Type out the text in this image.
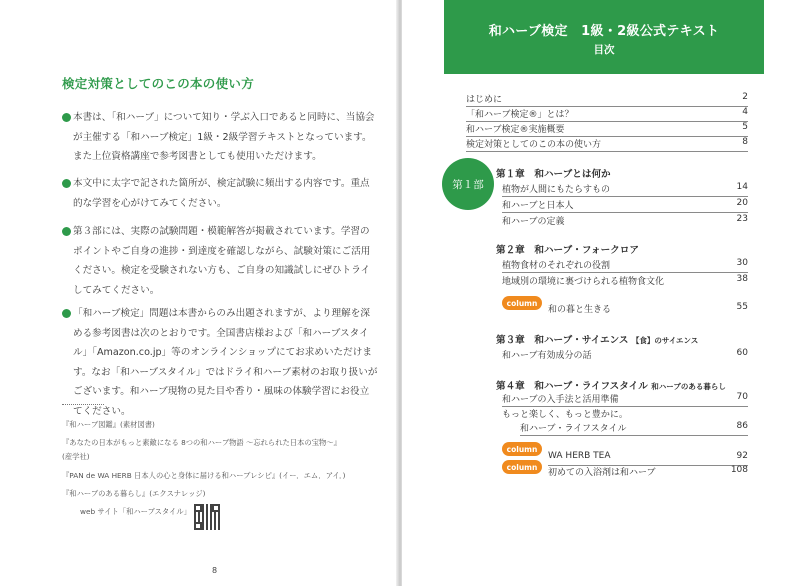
検定対策としてのこの本の使い方
本書は、「和ハーブ」について知り・学ぶ入口であると同時に、当協会が主催する「和ハーブ検定」1級・2級学習テキストとなっています。また上位資格講座で参考図書としても使用いただけます。
本文中に太字で記された箇所が、検定試験に頻出する内容です。重点的な学習を心がけてみてください。
第３部には、実際の試験問題・模範解答が掲載されています。学習のポイントやご自身の進捗・到達度を確認しながら、試験対策にご活用ください。検定を受験されない方も、ご自身の知識試しにぜひトライしてみてください。
「和ハーブ検定」問題は本書からのみ出題されますが、より理解を深める参考図書は次のとおりです。全国書店様および「和ハーブスタイル」「Amazon.co.jp」等のオンラインショップにてお求めいただけます。なお「和ハーブスタイル」ではドライ和ハーブ素材のお取り扱いがございます。和ハーブ現物の見た目や香り・風味の体験学習にお役立てください。
『和ハーブ図鑑』(素材図書)
『あなたの日本がもっと素敵になる 8つの和ハーブ物語 ～忘れられた日本の宝物～』
(産学社)
『PAN de WA HERB 日本人の心と身体に届ける和ハーブレシピ』(イー．エム．アイ．)
『和ハーブのある暮らし』(エクスナレッジ)
web サイト「和ハーブスタイル」
8
和ハーブ検定　1級・2級公式テキスト
目次
はじめに	2
「和ハーブ検定®」とは？	4
和ハーブ検定®実施概要	5
検定対策としてのこの本の使い方	8
第１部
第１章　和ハーブとは何か
植物が人間にもたらすもの	14
和ハーブと日本人	20
和ハーブの定義	23
第２章　和ハーブ・フォークロア
植物食材のそれぞれの役割	30
地域別の環境に裏づけられる植物食文化	38
column
和の暮と生きる	55
第３章　和ハーブ・サイエンス 【食】のサイエンス
和ハーブ有効成分の話	60
第４章　和ハーブ・ライフスタイル 和ハーブのある暮らし
和ハーブの入手法と活用準備	70
もっと楽しく、もっと豊かに。
和ハーブ・ライフスタイル	86
column
WA HERB TEA	92
column
初めての入浴剤は和ハーブ	108
